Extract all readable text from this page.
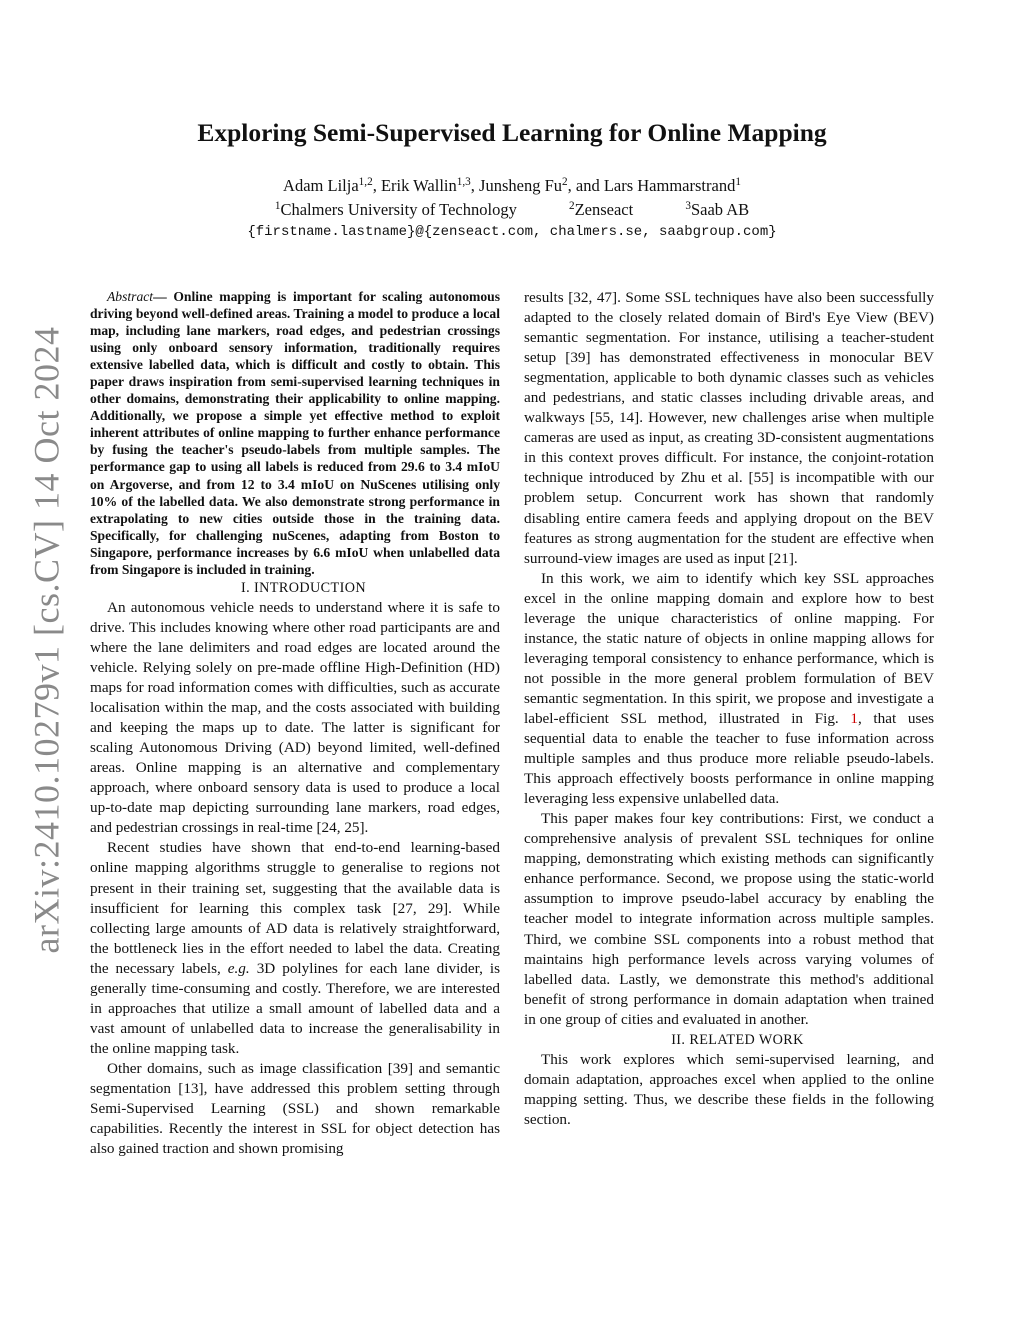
arXiv:2410.10279v1 [cs.CV] 14 Oct 2024
Exploring Semi-Supervised Learning for Online Mapping
Adam Lilja$^{1,2}$, Erik Wallin$^{1,3}$, Junsheng Fu$^2$, and Lars Hammarstrand$^1$
$^1$Chalmers University of Technology	$^2$Zenseact	$^3$Saab AB
{firstname.lastname}@{zenseact.com, chalmers.se, saabgroup.com}

Abstract— Online mapping is important for scaling autonomous driving beyond well-defined areas. Training a model to produce a local map, including lane markers, road edges, and pedestrian crossings using only onboard sensory information, traditionally requires extensive labelled data, which is difficult and costly to obtain. This paper draws inspiration from semi-supervised learning techniques in other domains, demonstrating their applicability to online mapping. Additionally, we propose a simple yet effective method to exploit inherent attributes of online mapping to further enhance performance by fusing the teacher's pseudo-labels from multiple samples. The performance gap to using all labels is reduced from 29.6 to 3.4 mIoU on Argoverse, and from 12 to 3.4 mIoU on NuScenes utilising only 10% of the labelled data. We also demonstrate strong performance in extrapolating to new cities outside those in the training data. Specifically, for challenging nuScenes, adapting from Boston to Singapore, performance increases by 6.6 mIoU when unlabelled data from Singapore is included in training.

I. INTRODUCTION

An autonomous vehicle needs to understand where it is safe to drive. This includes knowing where other road participants are and where the lane delimiters and road edges are located around the vehicle. Relying solely on pre-made offline High-Definition (HD) maps for road information comes with difficulties, such as accurate localisation within the map, and the costs associated with building and keeping the maps up to date. The latter is significant for scaling Autonomous Driving (AD) beyond limited, well-defined areas. Online mapping is an alternative and complementary approach, where onboard sensory data is used to produce a local up-to-date map depicting surrounding lane markers, road edges, and pedestrian crossings in real-time [24, 25].

Recent studies have shown that end-to-end learning-based online mapping algorithms struggle to generalise to regions not present in their training set, suggesting that the available data is insufficient for learning this complex task [27, 29]. While collecting large amounts of AD data is relatively straightforward, the bottleneck lies in the effort needed to label the data. Creating the necessary labels, e.g. 3D polylines for each lane divider, is generally time-consuming and costly. Therefore, we are interested in approaches that utilize a small amount of labelled data and a vast amount of unlabelled data to increase the generalisability in the online mapping task.

Other domains, such as image classification [39] and semantic segmentation [13], have addressed this problem setting through Semi-Supervised Learning (SSL) and shown remarkable capabilities. Recently the interest in SSL for object detection has also gained traction and shown promising

results [32, 47]. Some SSL techniques have also been successfully adapted to the closely related domain of Bird's Eye View (BEV) semantic segmentation. For instance, utilising a teacher-student setup [39] has demonstrated effectiveness in monocular BEV segmentation, applicable to both dynamic classes such as vehicles and pedestrians, and static classes including drivable areas, and walkways [55, 14]. However, new challenges arise when multiple cameras are used as input, as creating 3D-consistent augmentations in this context proves difficult. For instance, the conjoint-rotation technique introduced by Zhu et al. [55] is incompatible with our problem setup. Concurrent work has shown that randomly disabling entire camera feeds and applying dropout on the BEV features as strong augmentation for the student are effective when surround-view images are used as input [21].

In this work, we aim to identify which key SSL approaches excel in the online mapping domain and explore how to best leverage the unique characteristics of online mapping. For instance, the static nature of objects in online mapping allows for leveraging temporal consistency to enhance performance, which is not possible in the more general problem formulation of BEV semantic segmentation. In this spirit, we propose and investigate a label-efficient SSL method, illustrated in Fig. 1, that uses sequential data to enable the teacher to fuse information across multiple samples and thus produce more reliable pseudo-labels. This approach effectively boosts performance in online mapping leveraging less expensive unlabelled data.

This paper makes four key contributions: First, we conduct a comprehensive analysis of prevalent SSL techniques for online mapping, demonstrating which existing methods can significantly enhance performance. Second, we propose using the static-world assumption to improve pseudo-label accuracy by enabling the teacher model to integrate information across multiple samples. Third, we combine SSL components into a robust method that maintains high performance levels across varying volumes of labelled data. Lastly, we demonstrate this method's additional benefit of strong performance in domain adaptation when trained in one group of cities and evaluated in another.

II. RELATED WORK

This work explores which semi-supervised learning, and domain adaptation, approaches excel when applied to the online mapping setting. Thus, we describe these fields in the following section.
